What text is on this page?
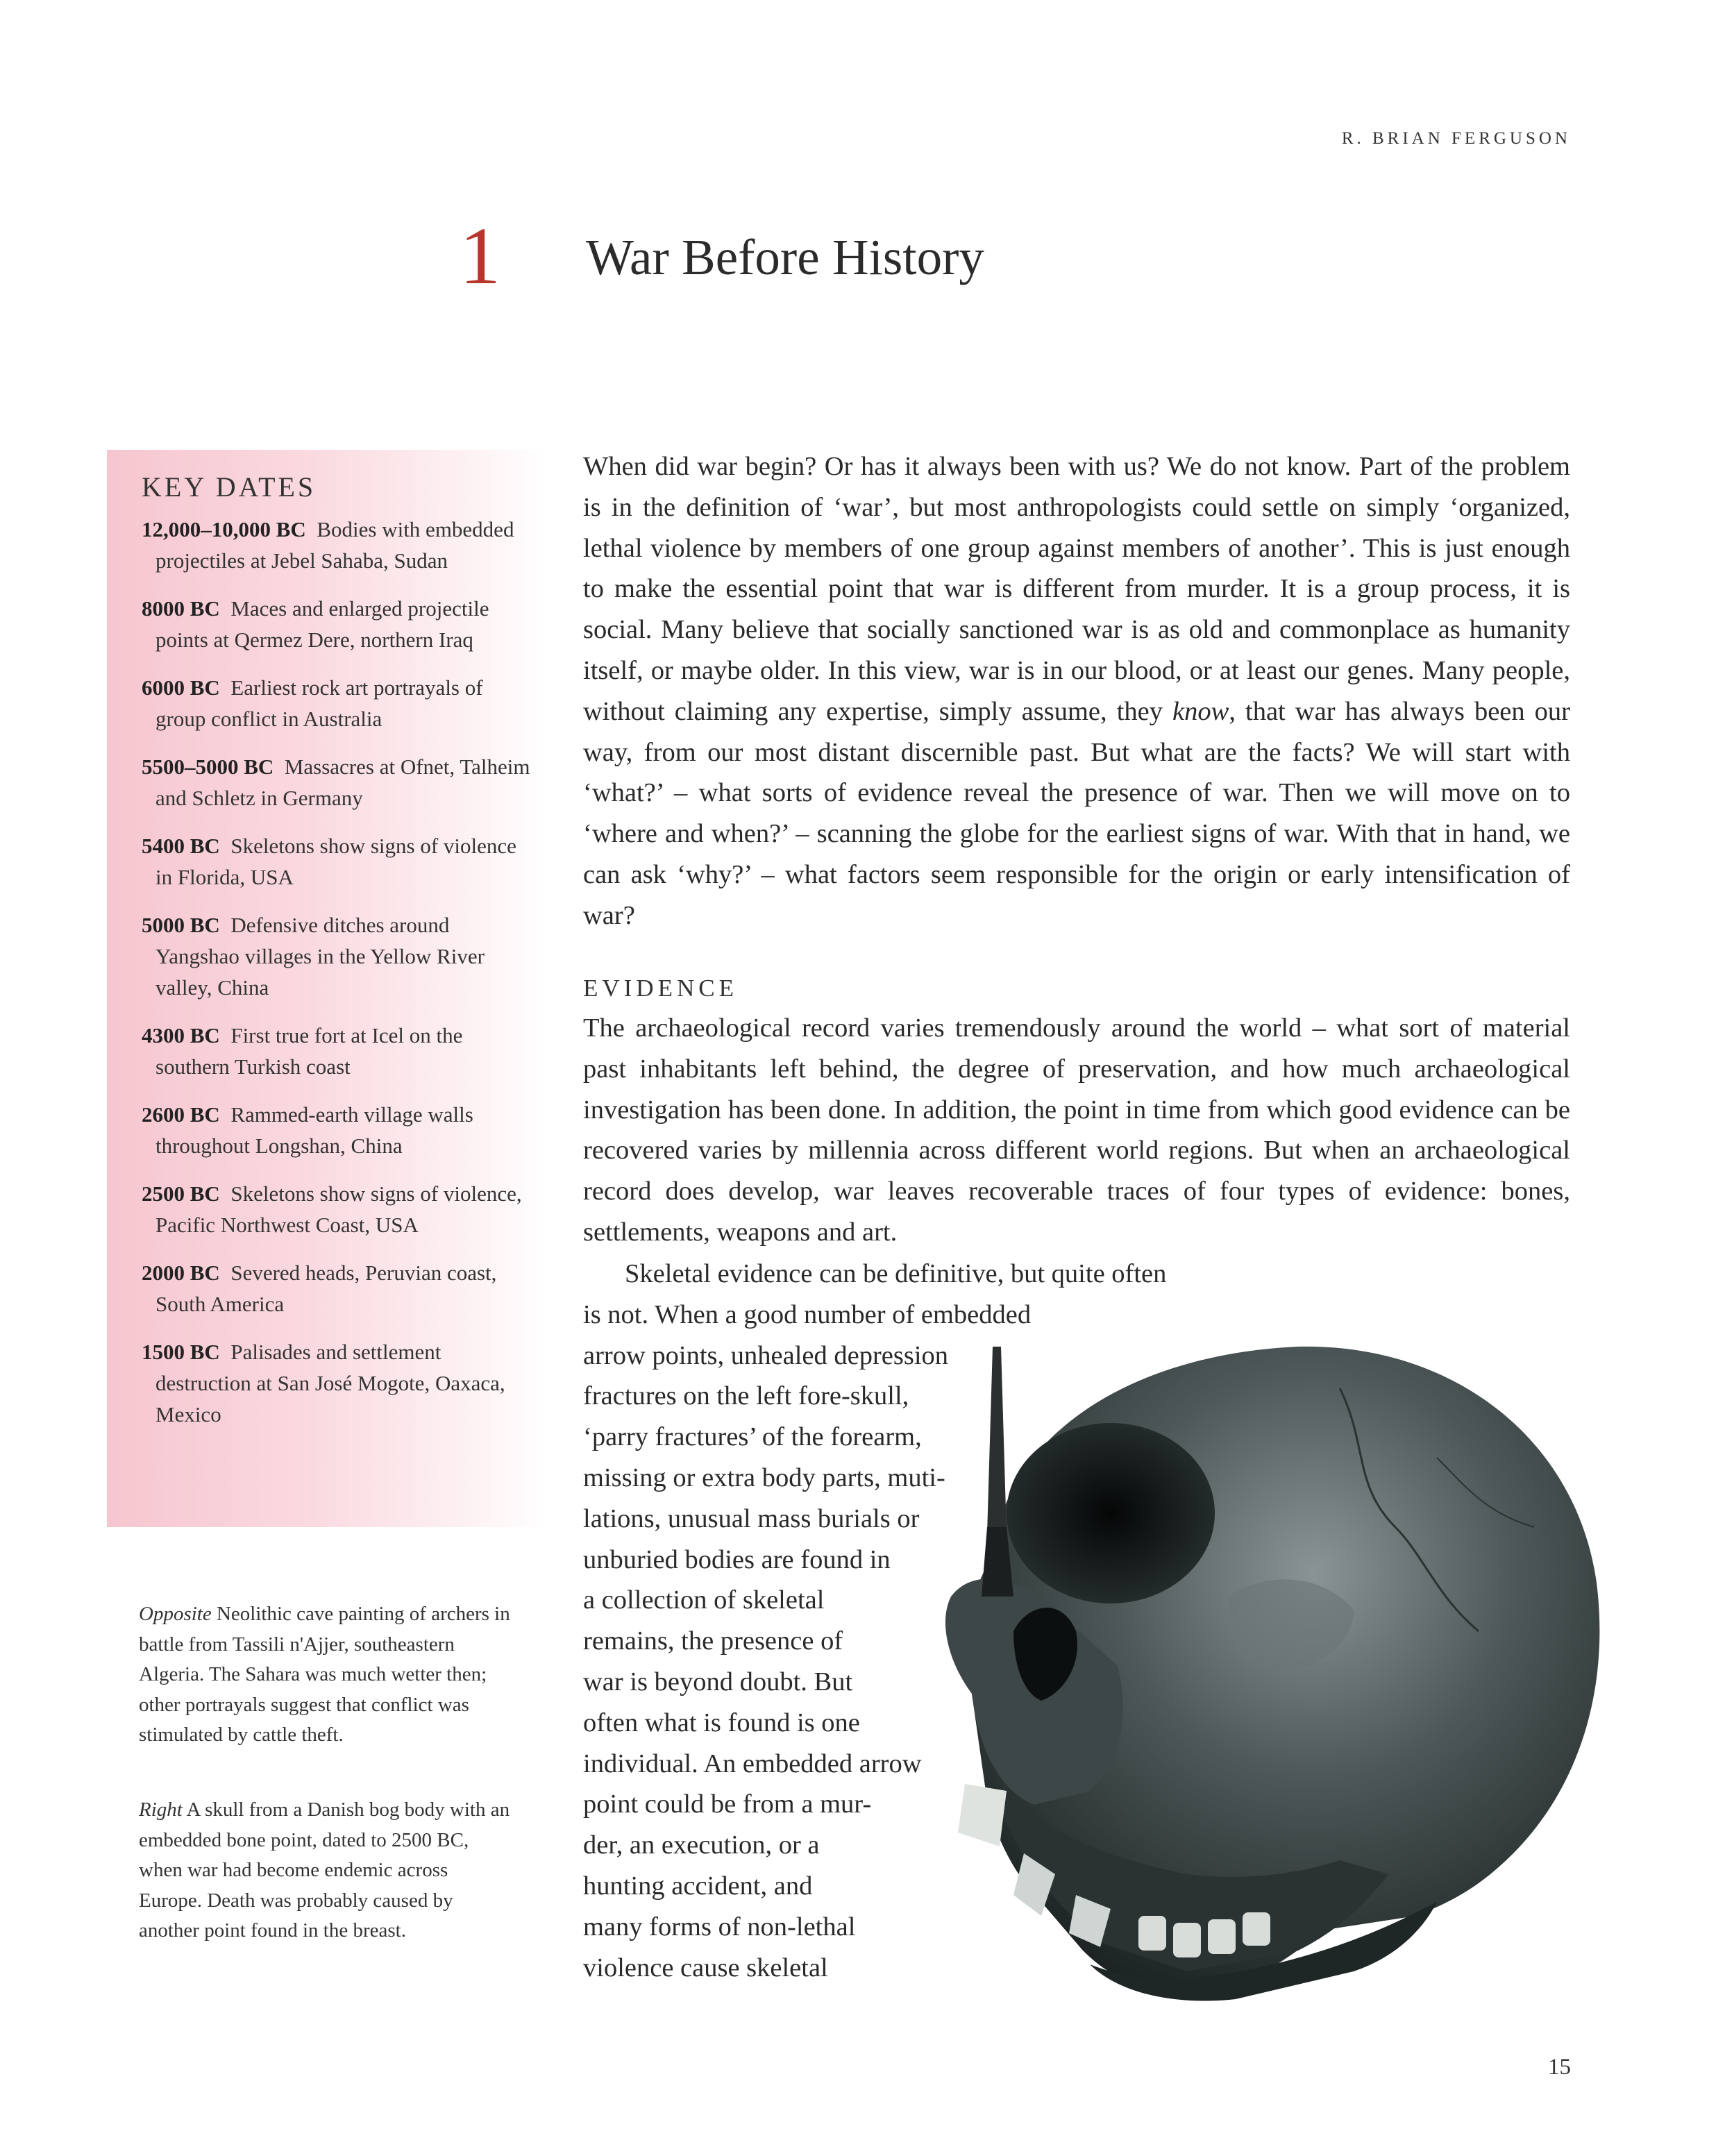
R. BRIAN FERGUSON
1 War Before History
KEY DATES
12,000–10,000 BC  Bodies with embedded projectiles at Jebel Sahaba, Sudan
8000 BC  Maces and enlarged projectile points at Qermez Dere, northern Iraq
6000 BC  Earliest rock art portrayals of group conflict in Australia
5500–5000 BC  Massacres at Ofnet, Talheim and Schletz in Germany
5400 BC  Skeletons show signs of violence in Florida, USA
5000 BC  Defensive ditches around Yangshao villages in the Yellow River valley, China
4300 BC  First true fort at Icel on the southern Turkish coast
2600 BC  Rammed-earth village walls throughout Longshan, China
2500 BC  Skeletons show signs of violence, Pacific Northwest Coast, USA
2000 BC  Severed heads, Peruvian coast, South America
1500 BC  Palisades and settlement destruction at San José Mogote, Oaxaca, Mexico
Opposite Neolithic cave painting of archers in battle from Tassili n'Ajjer, southeastern Algeria. The Sahara was much wetter then; other portrayals suggest that conflict was stimulated by cattle theft.
Right A skull from a Danish bog body with an embedded bone point, dated to 2500 BC, when war had become endemic across Europe. Death was probably caused by another point found in the breast.

When did war begin? Or has it always been with us? We do not know. Part of the problem is in the definition of ‘war’, but most anthropologists could settle on simply ‘organized, lethal violence by members of one group against members of another’. This is just enough to make the essential point that war is different from murder. It is a group process, it is social. Many believe that socially sanctioned war is as old and commonplace as humanity itself, or maybe older. In this view, war is in our blood, or at least our genes. Many people, without claiming any expertise, simply assume, they know, that war has always been our way, from our most distant discernible past. But what are the facts? We will start with ‘what?’ – what sorts of evidence reveal the presence of war. Then we will move on to ‘where and when?’ – scanning the globe for the earliest signs of war. With that in hand, we can ask ‘why?’ – what factors seem responsible for the origin or early intensification of war?

EVIDENCE

The archaeological record varies tremendously around the world – what sort of material past inhabitants left behind, the degree of preservation, and how much archaeological investigation has been done. In addition, the point in time from which good evidence can be recovered varies by millennia across different world regions. But when an archaeological record does develop, war leaves recoverable traces of four types of evidence: bones, settlements, weapons and art.

Skeletal evidence can be definitive, but quite often
is not. When a good number of embedded
arrow points, unhealed depression
fractures on the left fore-skull,
‘parry fractures’ of the forearm,
missing or extra body parts, muti-
lations, unusual mass burials or
unburied bodies are found in
a collection of skeletal
remains, the presence of
war is beyond doubt. But
often what is found is one
individual. An embedded arrow
point could be from a mur-
der, an execution, or a
hunting accident, and
many forms of non-lethal
violence cause skeletal
15
